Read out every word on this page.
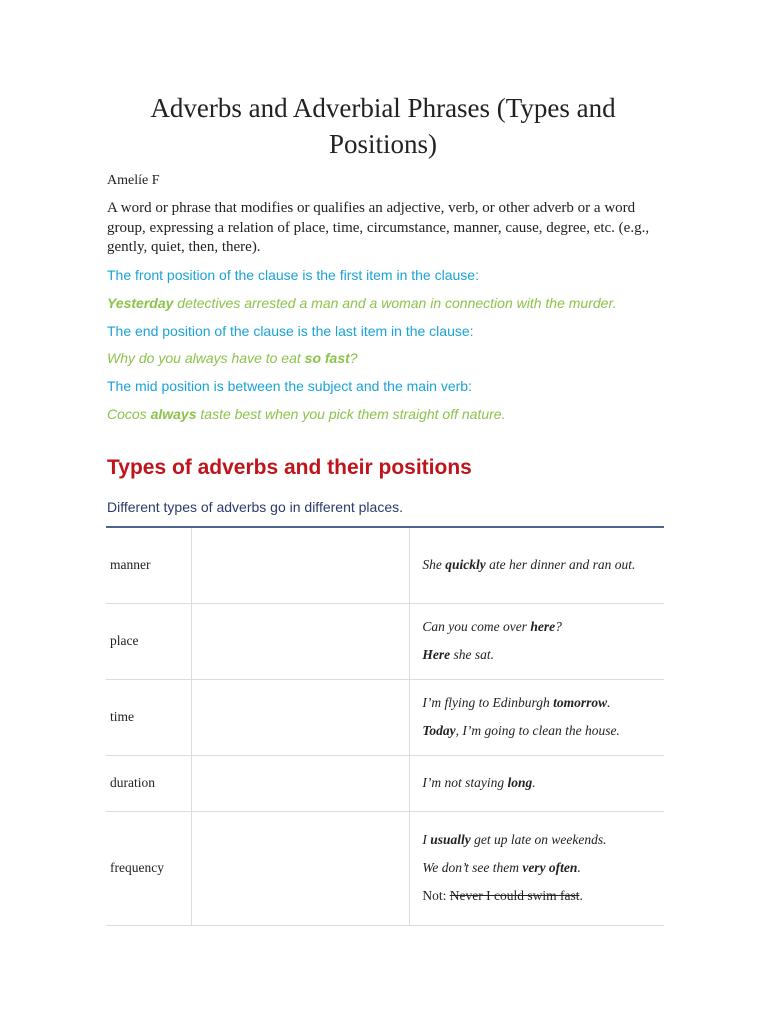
Adverbs and Adverbial Phrases (Types and Positions)
Amelíe F
A word or phrase that modifies or qualifies an adjective, verb, or other adverb or a word group, expressing a relation of place, time, circumstance, manner, cause, degree, etc. (e.g., gently, quiet, then, there).
The front position of the clause is the first item in the clause:
Yesterday detectives arrested a man and a woman in connection with the murder.
The end position of the clause is the last item in the clause:
Why do you always have to eat so fast?
The mid position is between the subject and the main verb:
Cocos always taste best when you pick them straight off nature.
Types of adverbs and their positions
Different types of adverbs go in different places.
manner		She quickly ate her dinner and ran out.

place		Can you come over here?

Here she sat.

time		I’m flying to Edinburgh tomorrow.

Today, I’m going to clean the house.

duration		I’m not staying long.

frequency		I usually get up late on weekends.

We don’t see them very often.

Not: Never I could swim fast.
